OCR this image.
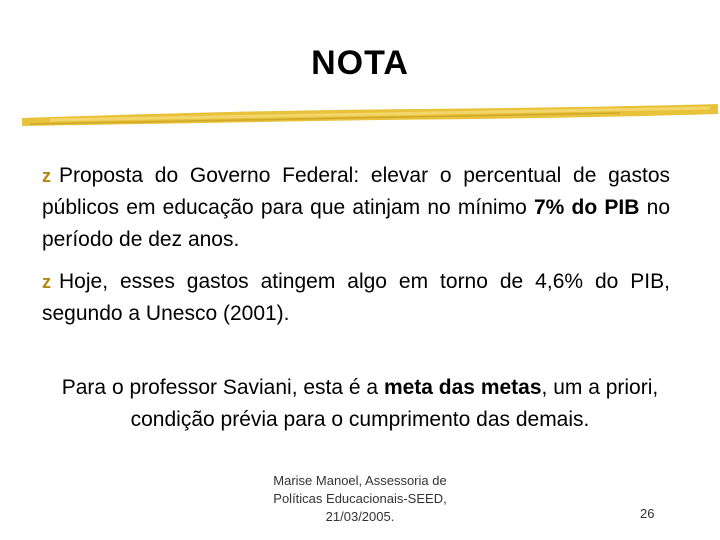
NOTA
z Proposta do Governo Federal: elevar o percentual de gastos públicos em educação para que atinjam no mínimo 7% do PIB no período de dez anos.
z Hoje, esses gastos atingem algo em torno de 4,6% do PIB, segundo a Unesco (2001).
Para o professor Saviani, esta é a meta das metas, um a priori, condição prévia para o cumprimento das demais.
Marise Manoel, Assessoria de
Políticas Educacionais-SEED,
21/03/2005.	26
